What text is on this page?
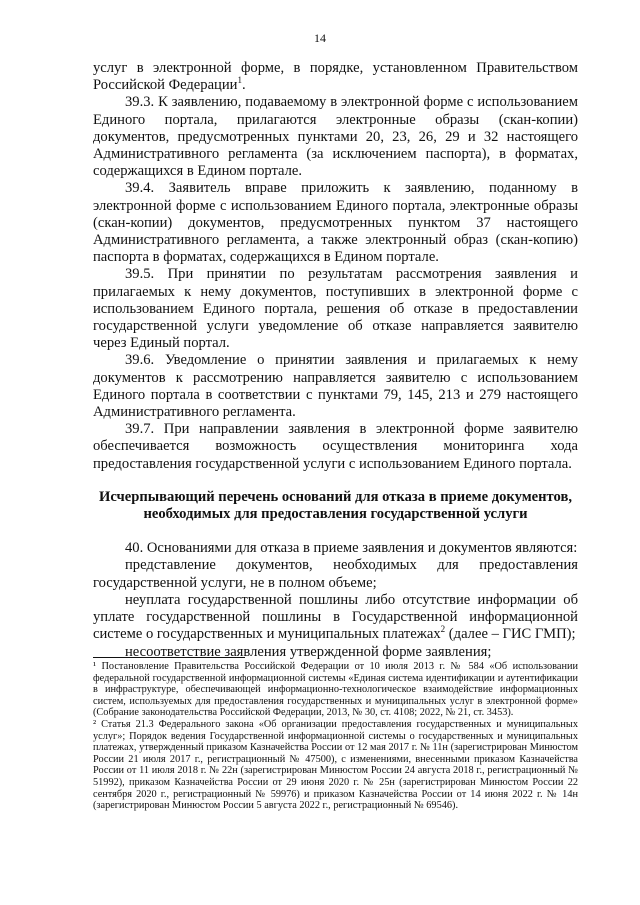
14

услуг в электронной форме, в порядке, установленном Правительством Российской Федерации$^1$.

39.3. К заявлению, подаваемому в электронной форме с использованием Единого портала, прилагаются электронные образы (скан-копии) документов, предусмотренных пунктами 20, 23, 26, 29 и 32 настоящего Административного регламента (за исключением паспорта), в форматах, содержащихся в Едином портале.

39.4. Заявитель вправе приложить к заявлению, поданному в электронной форме с использованием Единого портала, электронные образы (скан-копии) документов, предусмотренных пунктом 37 настоящего Административного регламента, а также электронный образ (скан-копию) паспорта в форматах, содержащихся в Едином портале.

39.5. При принятии по результатам рассмотрения заявления и прилагаемых к нему документов, поступивших в электронной форме с использованием Единого портала, решения об отказе в предоставлении государственной услуги уведомление об отказе направляется заявителю через Единый портал.

39.6. Уведомление о принятии заявления и прилагаемых к нему документов к рассмотрению направляется заявителю с использованием Единого портала в соответствии с пунктами 79, 145, 213 и 279 настоящего Административного регламента.

39.7. При направлении заявления в электронной форме заявителю обеспечивается возможность осуществления мониторинга хода предоставления государственной услуги с использованием Единого портала.

Исчерпывающий перечень оснований для отказа в приеме документов, необходимых для предоставления государственной услуги

40. Основаниями для отказа в приеме заявления и документов являются:

представление документов, необходимых для предоставления государственной услуги, не в полном объеме;

неуплата государственной пошлины либо отсутствие информации об уплате государственной пошлины в Государственной информационной системе о государственных и муниципальных платежах$^2$ (далее – ГИС ГМП);

несоответствие заявления утвержденной форме заявления;

¹ Постановление Правительства Российской Федерации от 10 июля 2013 г. № 584 «Об использовании федеральной государственной информационной системы «Единая система идентификации и аутентификации в инфраструктуре, обеспечивающей информационно-технологическое взаимодействие информационных систем, используемых для предоставления государственных и муниципальных услуг в электронной форме» (Собрание законодательства Российской Федерации, 2013, № 30, ст. 4108; 2022, № 21, ст. 3453).

² Статья 21.3 Федерального закона «Об организации предоставления государственных и муниципальных услуг»; Порядок ведения Государственной информационной системы о государственных и муниципальных платежах, утвержденный приказом Казначейства России от 12 мая 2017 г. № 11н (зарегистрирован Минюстом России 21 июля 2017 г., регистрационный № 47500), с изменениями, внесенными приказом Казначейства России от 11 июля 2018 г. № 22н (зарегистрирован Минюстом России 24 августа 2018 г., регистрационный № 51992), приказом Казначейства России от 29 июня 2020 г. № 25н (зарегистрирован Минюстом России 22 сентября 2020 г., регистрационный № 59976) и приказом Казначейства России от 14 июня 2022 г. № 14н (зарегистрирован Минюстом России 5 августа 2022 г., регистрационный № 69546).
